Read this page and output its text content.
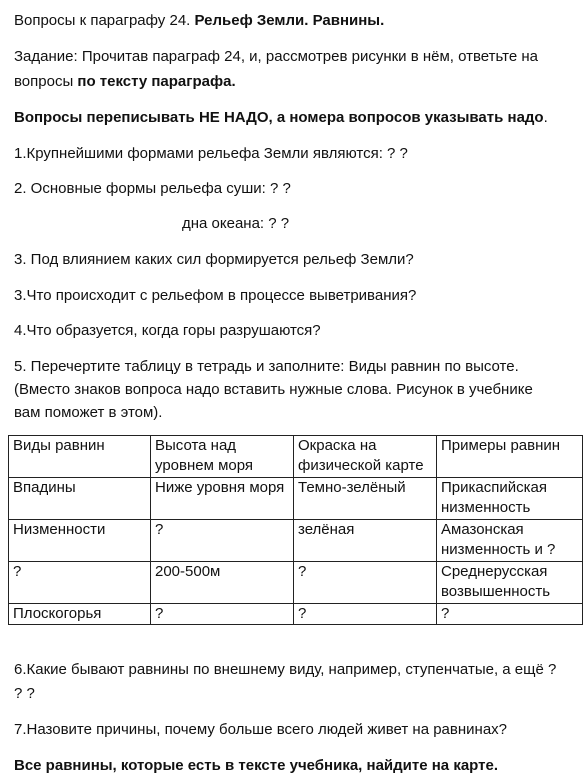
Вопросы к параграфу 24. Рельеф Земли. Равнины.
Задание: Прочитав параграф 24, и, рассмотрев рисунки в нём, ответьте на
вопросы по тексту параграфа.
Вопросы переписывать НЕ НАДО, а номера вопросов указывать надо.
1.Крупнейшими формами рельефа Земли являются: ? ?
2. Основные формы рельефа суши: ? ?
дна океана: ? ?
3. Под влиянием каких сил формируется рельеф Земли?
3.Что происходит с рельефом в процессе выветривания?
4.Что образуется, когда горы разрушаются?
5. Перечертите таблицу в тетрадь и заполните: Виды равнин по высоте.
(Вместо знаков вопроса надо вставить нужные слова. Рисунок в учебнике
вам поможет в этом).
Виды равнин	Высота над уровнем моря	Окраска на физической карте	Примеры равнин
Впадины	Ниже уровня моря	Темно-зелёный	Прикаспийская низменность
Низменности	?	зелёная	Амазонская низменность и ?
?	200-500м	?	Среднерусская возвышенность
Плоскогорья	?	?	?
6.Какие бывают равнины по внешнему виду, например, ступенчатые, а ещё ?
? ?
7.Назовите причины, почему больше всего людей живет на равнинах?
Все равнины, которые есть в тексте учебника, найдите на карте.
